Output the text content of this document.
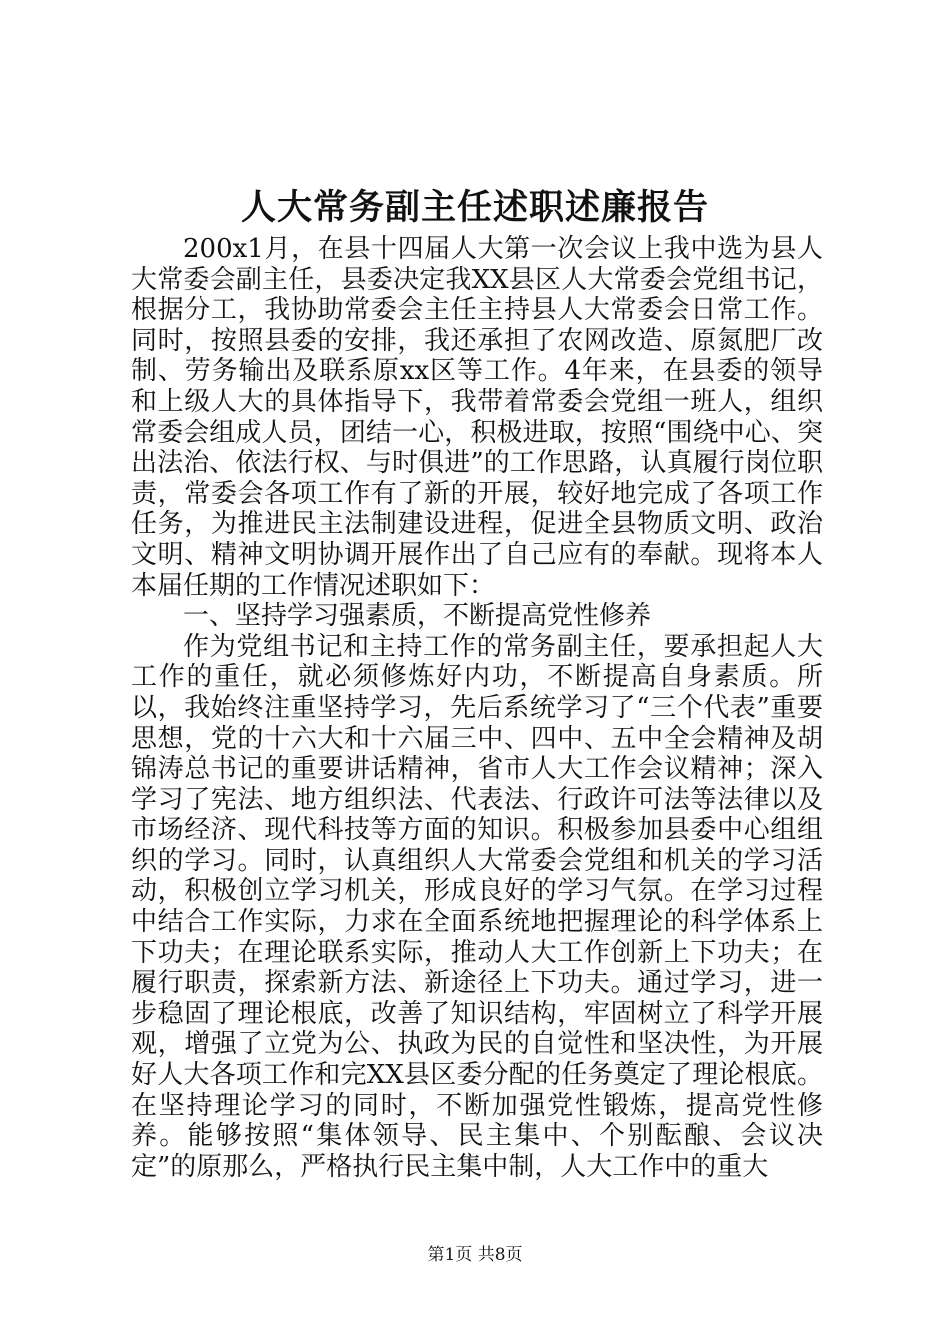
人大常务副主任述职述廉报告

200x1月，在县十四届人大第一次会议上我中选为县人大常委会副主任，县委决定我XX县区人大常委会党组书记，根据分工，我协助常委会主任主持县人大常委会日常工作。同时，按照县委的安排，我还承担了农网改造、原氮肥厂改制、劳务输出及联系原xx区等工作。4年来，在县委的领导和上级人大的具体指导下，我带着常委会党组一班人，组织常委会组成人员，团结一心，积极进取，按照“围绕中心、突出法治、依法行权、与时俱进”的工作思路，认真履行岗位职责，常委会各项工作有了新的开展，较好地完成了各项工作任务，为推进民主法制建设进程，促进全县物质文明、政治文明、精神文明协调开展作出了自己应有的奉献。现将本人本届任期的工作情况述职如下：

一、坚持学习强素质，不断提高党性修养

作为党组书记和主持工作的常务副主任，要承担起人大工作的重任，就必须修炼好内功，不断提高自身素质。所以，我始终注重坚持学习，先后系统学习了“三个代表”重要思想，党的十六大和十六届三中、四中、五中全会精神及胡锦涛总书记的重要讲话精神，省市人大工作会议精神；深入学习了宪法、地方组织法、代表法、行政许可法等法律以及市场经济、现代科技等方面的知识。积极参加县委中心组组织的学习。同时，认真组织人大常委会党组和机关的学习活动，积极创立学习机关，形成良好的学习气氛。在学习过程中结合工作实际，力求在全面系统地把握理论的科学体系上下功夫；在理论联系实际，推动人大工作创新上下功夫；在履行职责，探索新方法、新途径上下功夫。通过学习，进一步稳固了理论根底，改善了知识结构，牢固树立了科学开展观，增强了立党为公、执政为民的自觉性和坚决性，为开展好人大各项工作和完XX县区委分配的任务奠定了理论根底。在坚持理论学习的同时，不断加强党性锻炼，提高党性修养。能够按照“集体领导、民主集中、个别酝酿、会议决定”的原那么，严格执行民主集中制，人大工作中的重大

第1页 共8页
